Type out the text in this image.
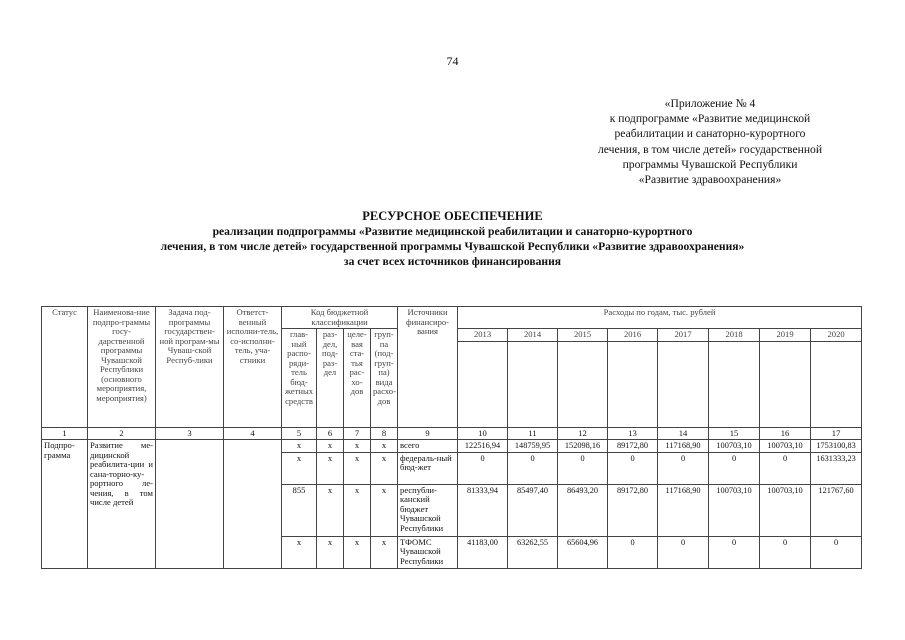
74
«Приложение № 4
к подпрограмме «Развитие медицинской
реабилитации и санаторно-курортного
лечения, в том числе детей» государственной
программы Чувашской Республики
«Развитие здравоохранения»
РЕСУРСНОЕ ОБЕСПЕЧЕНИЕ
реализации подпрограммы «Развитие медицинской реабилитации и санаторно-курортного
лечения, в том числе детей» государственной программы Чувашской Республики «Развитие здравоохранения»
за счет всех источников финансирования
Статус	Наименова-ние подпро-граммы госу-дарственной программы Чувашской Республики (основного мероприятия, мероприятия)	Задача под-программы государствен-ной програм-мы Чуваш-ской Респуб-лики	Ответст-венный исполни-тель, со-исполни-тель, уча-стники	Код бюджетной классификации				Источники финансиро-вания	Расходы по годам, тыс. рублей							
				глав-ный распо-ряди-тель бюд-жетных средств	раз-дел, под-раз-дел	целе-вая ста-тья рас-хо-дов	груп-па (под-груп-па) вида расхо-дов		2013	2014	2015	2016	2017	2018	2019	2020

1	2	3	4	5	6	7	8	9	10	11	12	13	14	15	16	17
Подпро-грамма	Развитие ме-дицинской реабилита-ции и сана-торно-ку-рортного ле-чения, в том числе детей			x	x	x	x	всего	122516,94	148759,95	152098,16	89172,80	117168,90	100703,10	100703,10	1753100,83
				x	x	x	x	федераль-ный бюд-жет	0	0	0	0	0	0	0	1631333,23
				855	x	x	x	республи-канский бюджет Чувашской Республики	81333,94	85497,40	86493,20	89172,80	117168,90	100703,10	100703,10	121767,60
				x	x	x	x	ТФОМС Чувашской Республики	41183,00	63262,55	65604,96	0	0	0	0	0
